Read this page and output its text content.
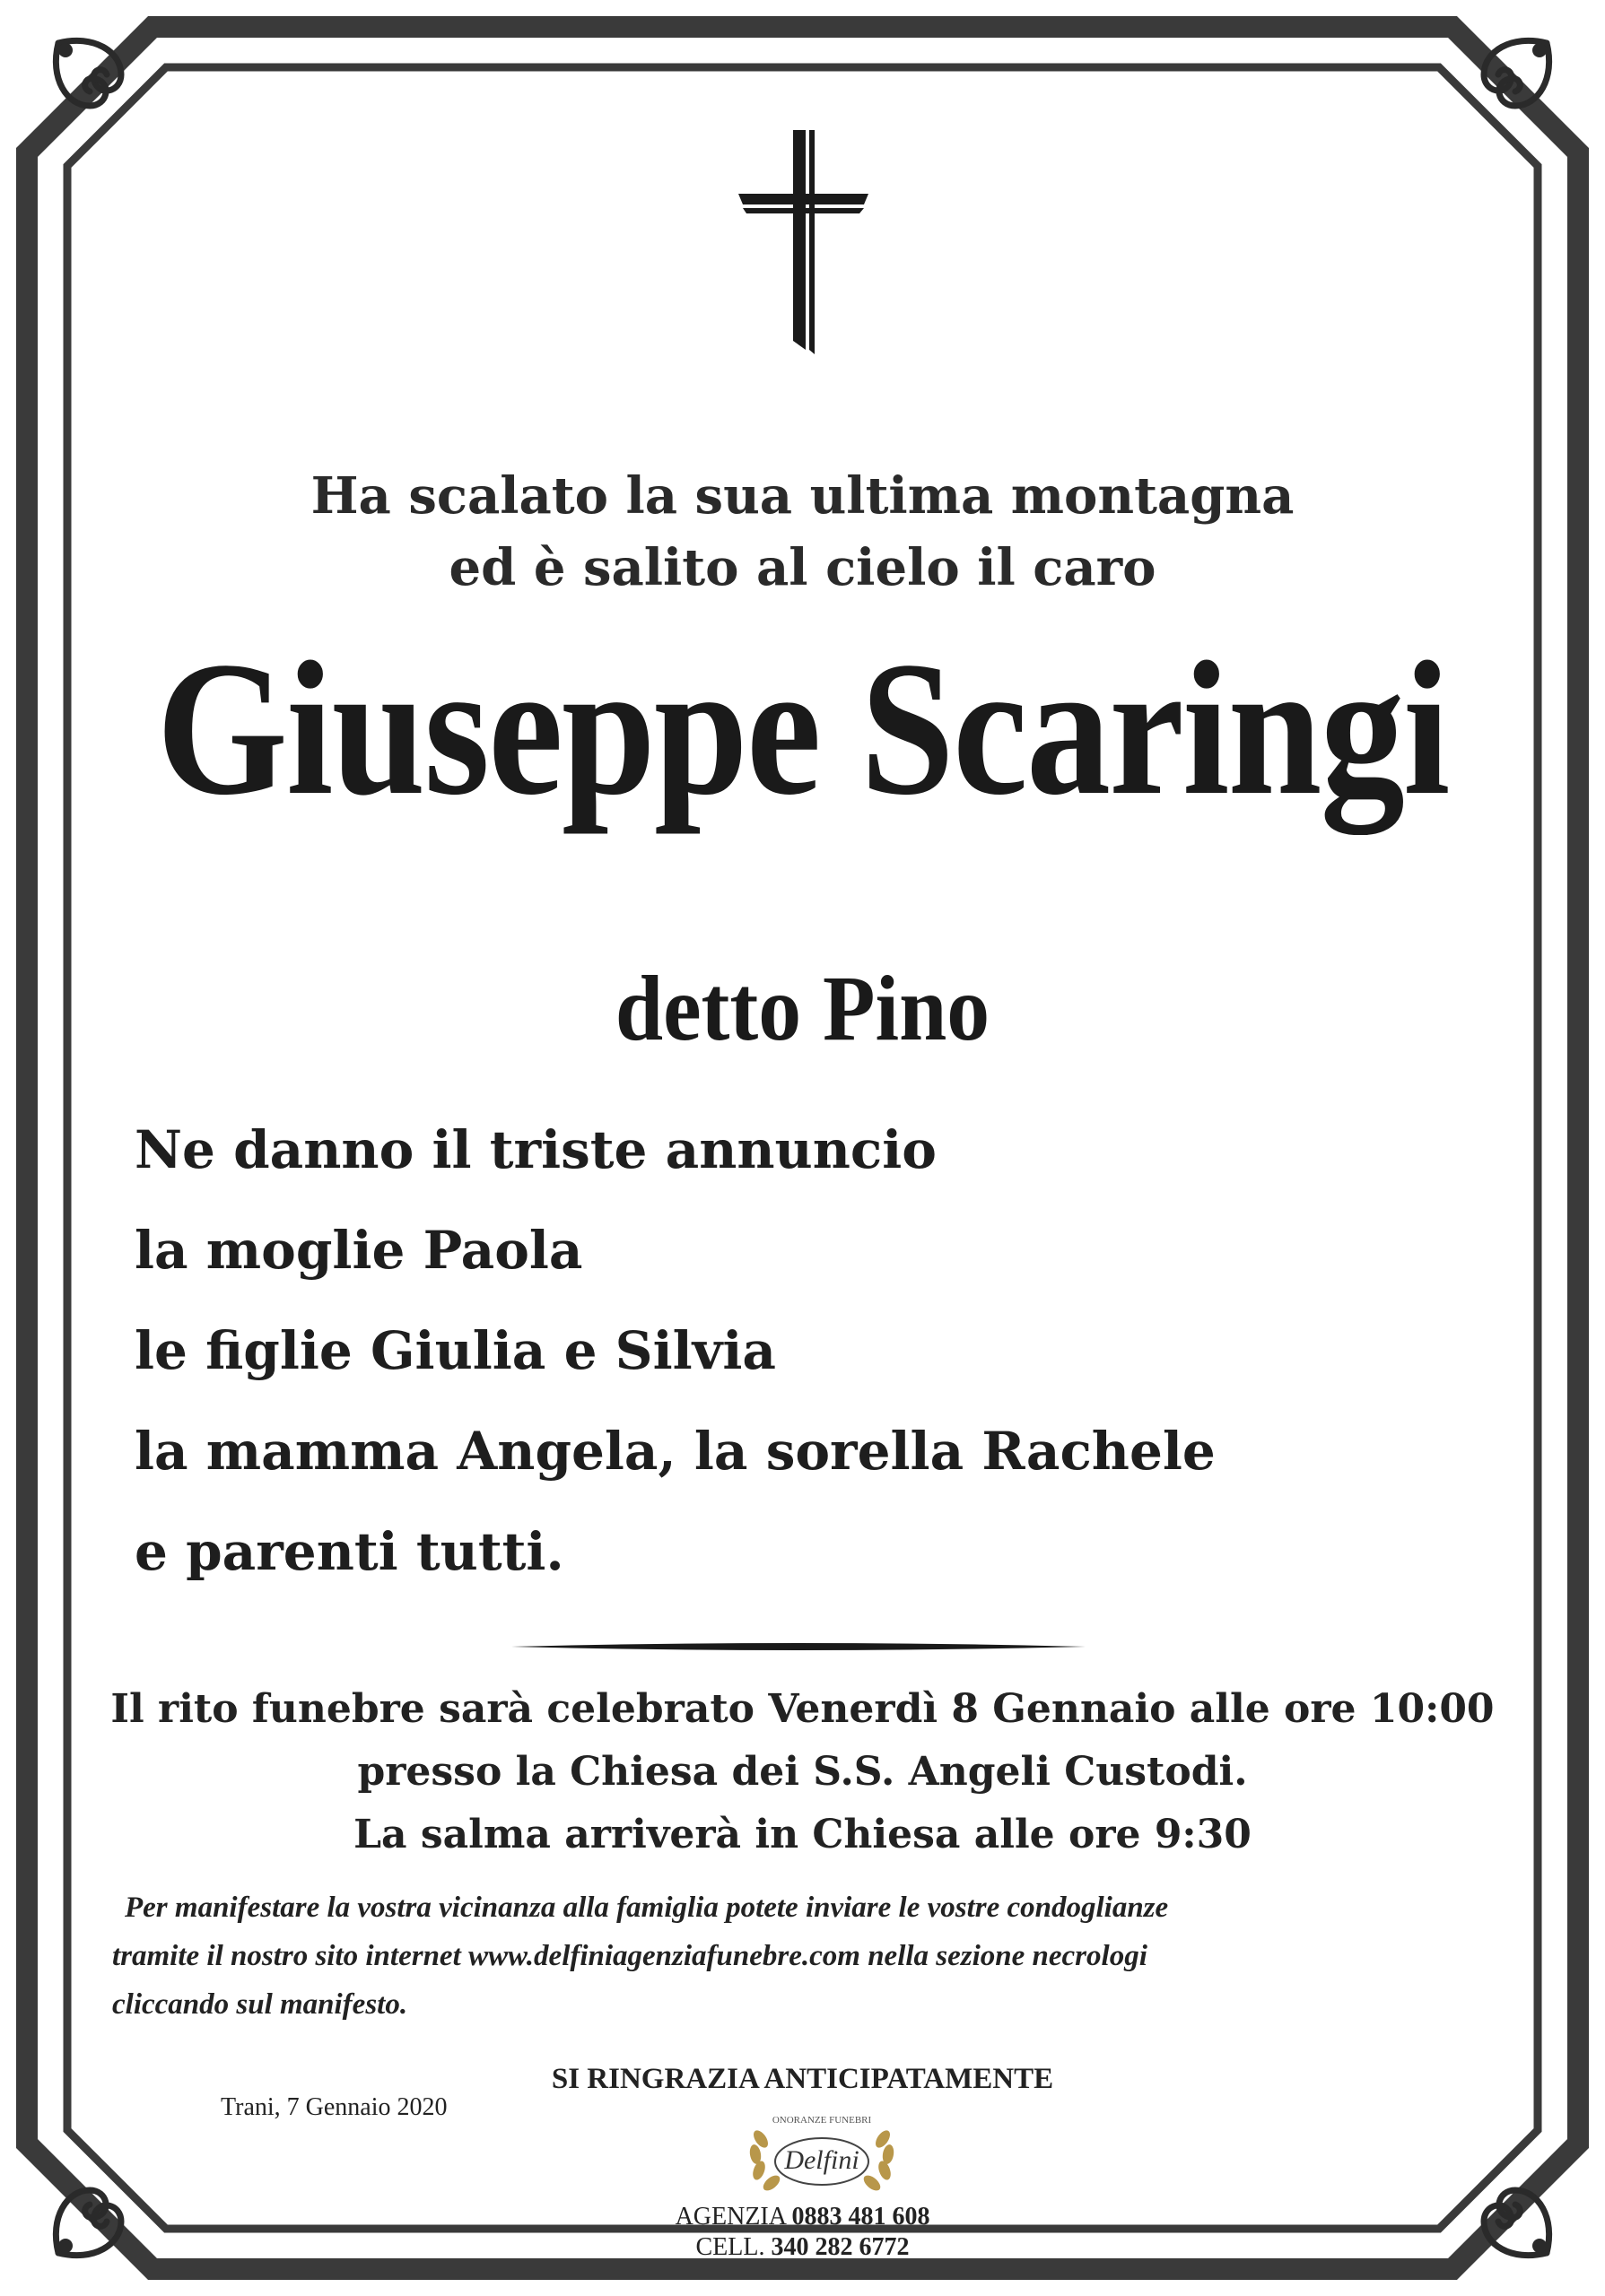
Ha scalato la sua ultima montagna
ed è salito al cielo il caro
Giuseppe Scaringi
detto Pino
Ne danno il triste annuncio
la moglie Paola
le figlie Giulia e Silvia
la mamma Angela, la sorella Rachele
e parenti tutti.
Il rito funebre sarà celebrato Venerdì 8 Gennaio alle ore 10:00
presso la Chiesa dei S.S. Angeli Custodi.
La salma arriverà in Chiesa alle ore 9:30
Per manifestare la vostra vicinanza alla famiglia potete inviare le vostre condoglianze
tramite il nostro sito internet www.delfiniagenziafunebre.com nella sezione necrologi
cliccando sul manifesto.
SI RINGRAZIA ANTICIPATAMENTE
Trani, 7 Gennaio 2020	ONORANZE FUNEBRI
Delfini
AGENZIA 0883 481 608
CELL. 340 282 6772
